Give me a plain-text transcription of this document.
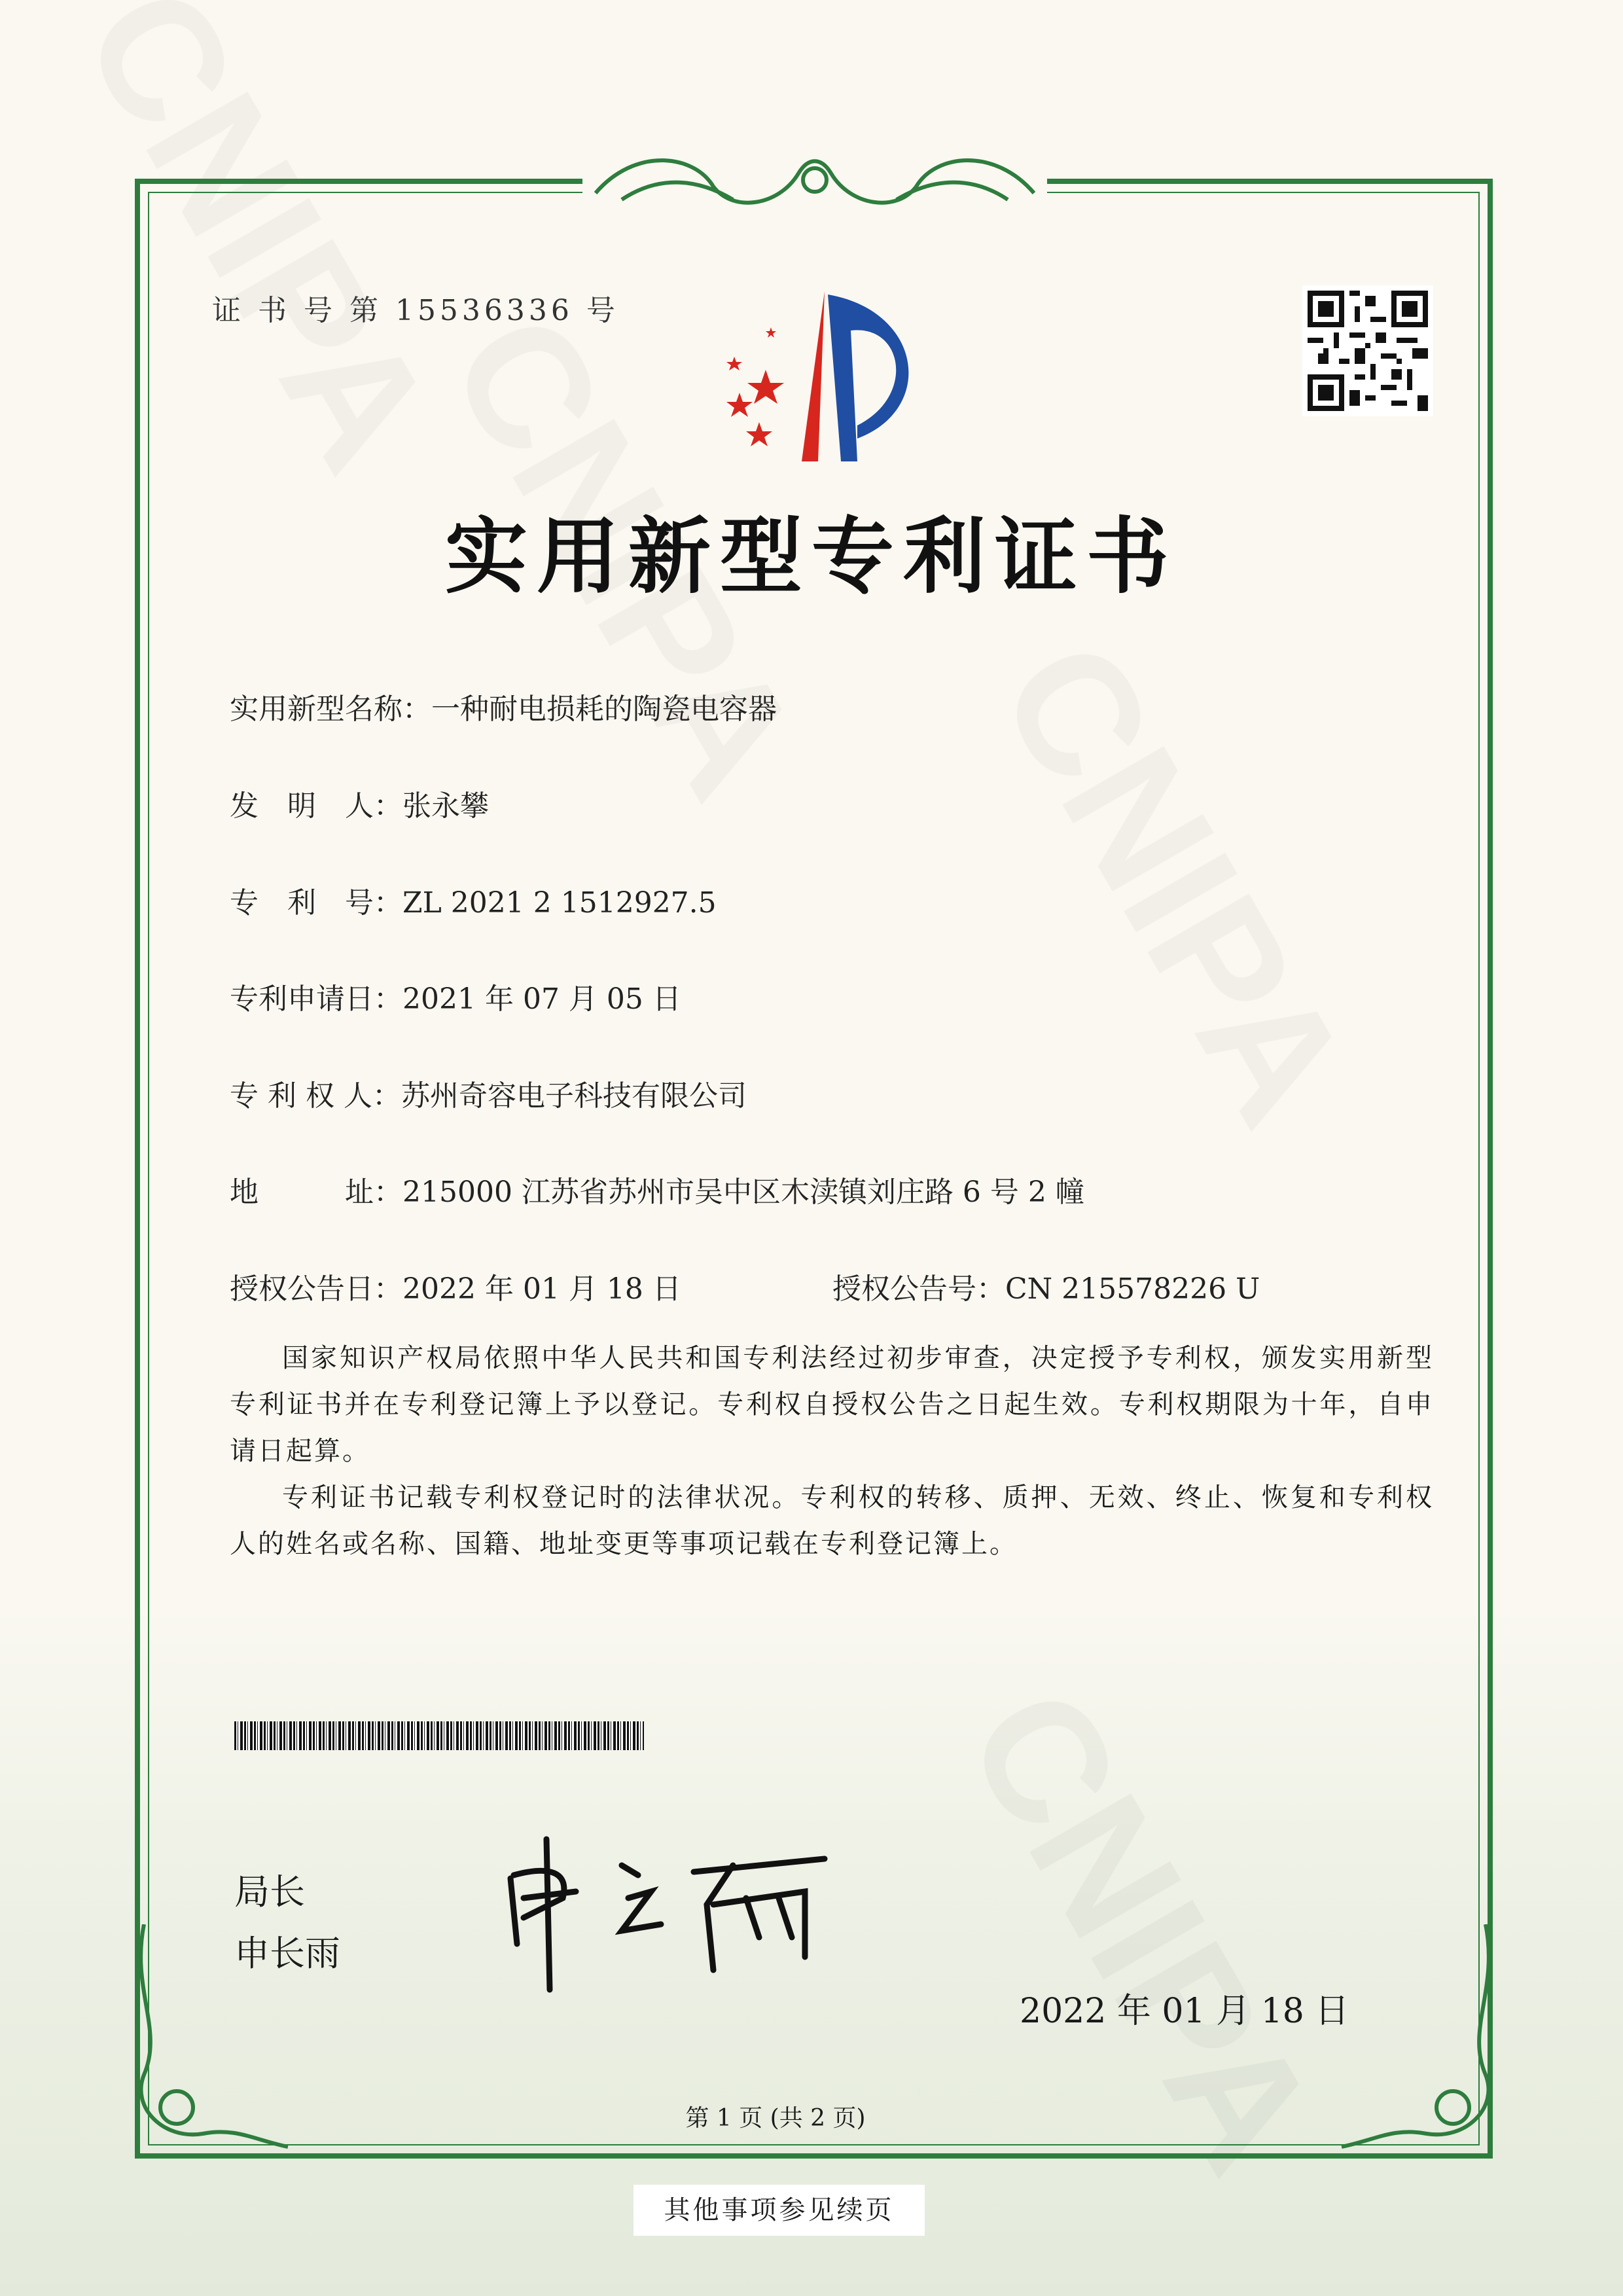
证 书 号 第 15536336 号
实用新型专利证书
实用新型名称：一种耐电损耗的陶瓷电容器
发　明　人：张永攀
专　利　号：ZL 2021 2 1512927.5
专利申请日：2021 年 07 月 05 日
专 利 权 人：苏州奇容电子科技有限公司
地　　　址：215000 江苏省苏州市吴中区木渎镇刘庄路 6 号 2 幢
授权公告日：2022 年 01 月 18 日	授权公告号：CN 215578226 U

国家知识产权局依照中华人民共和国专利法经过初步审查，决定授予专利权，颁发实用新型专利证书并在专利登记簿上予以登记。专利权自授权公告之日起生效。专利权期限为十年，自申请日起算。

专利证书记载专利权登记时的法律状况。专利权的转移、质押、无效、终止、恢复和专利权人的姓名或名称、国籍、地址变更等事项记载在专利登记簿上。

局长
申长雨
2022 年 01 月 18 日
第 1 页 (共 2 页)
其他事项参见续页
